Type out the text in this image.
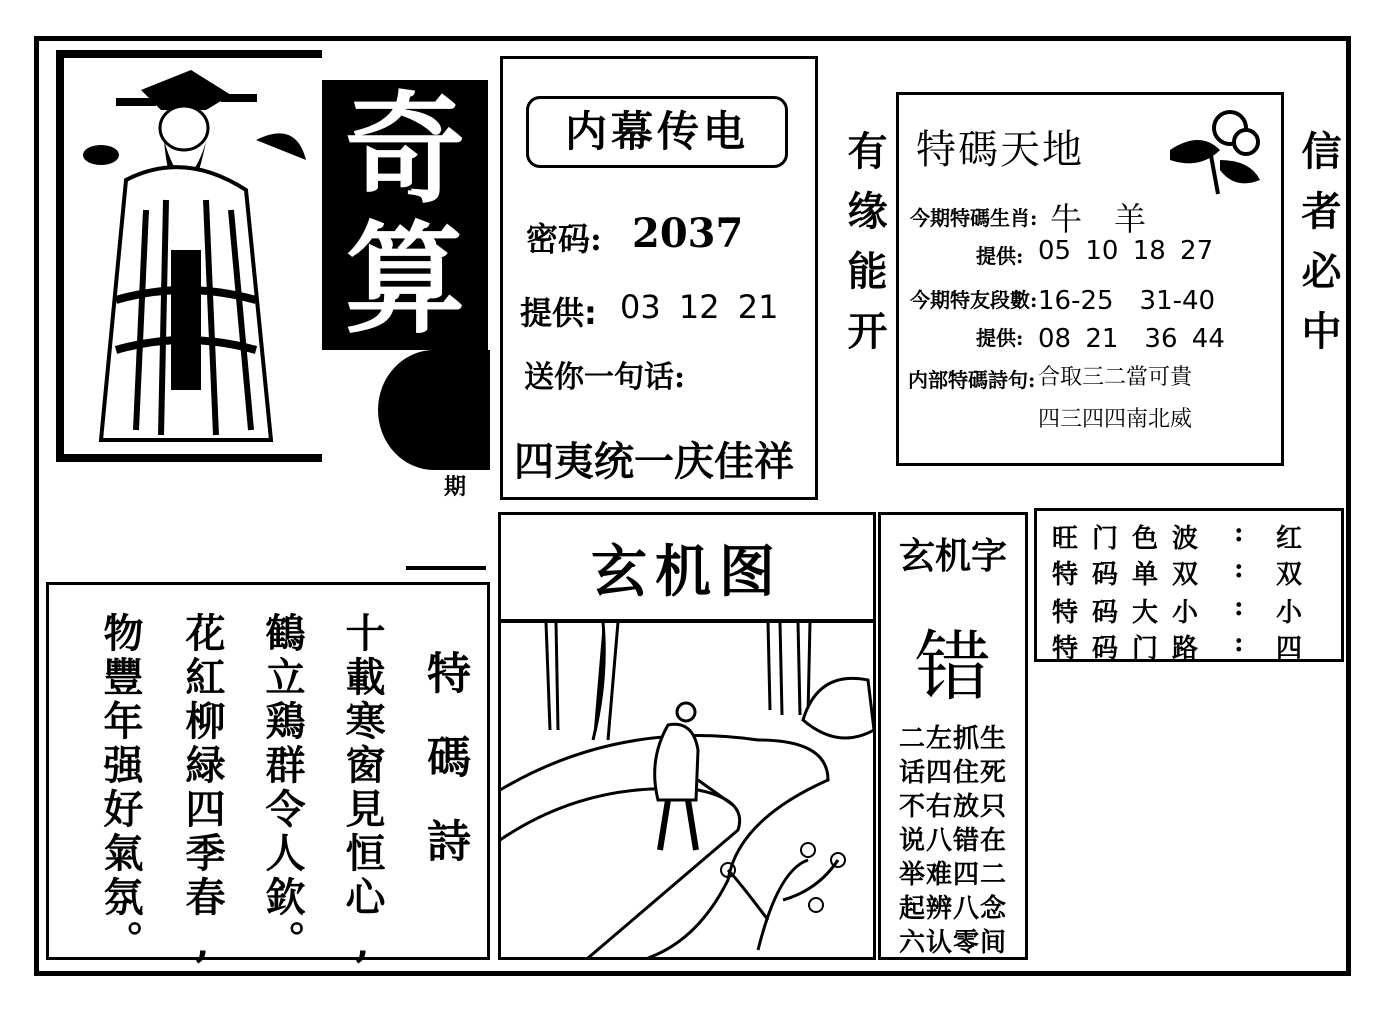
奇
算
期
内幕传电
密码: 2037
提供: 03 12 21
送你一句话:
四夷统一庆佳祥
有缘能开	信者必中
特碼天地
今期特碼生肖: 牛　羊
提供: 05 10 18 27
今期特友段數: 16-25　31-40
提供: 08 21　36 44
内部特碼詩句: 合取三二當可貴
四三四四南北威
玄机图	玄机字
错
二左抓生
话四住死
不右放只
说八错在
举难四二
起辨八念
六认零间
旺门色波 : 红
特码单双 : 双
特码大小 : 小
特码门路 : 四
特碼詩
十載寒窗見恒心,
鶴立鶏群令人欽。
花紅柳緑四季春,
物豐年强好氣氛。
